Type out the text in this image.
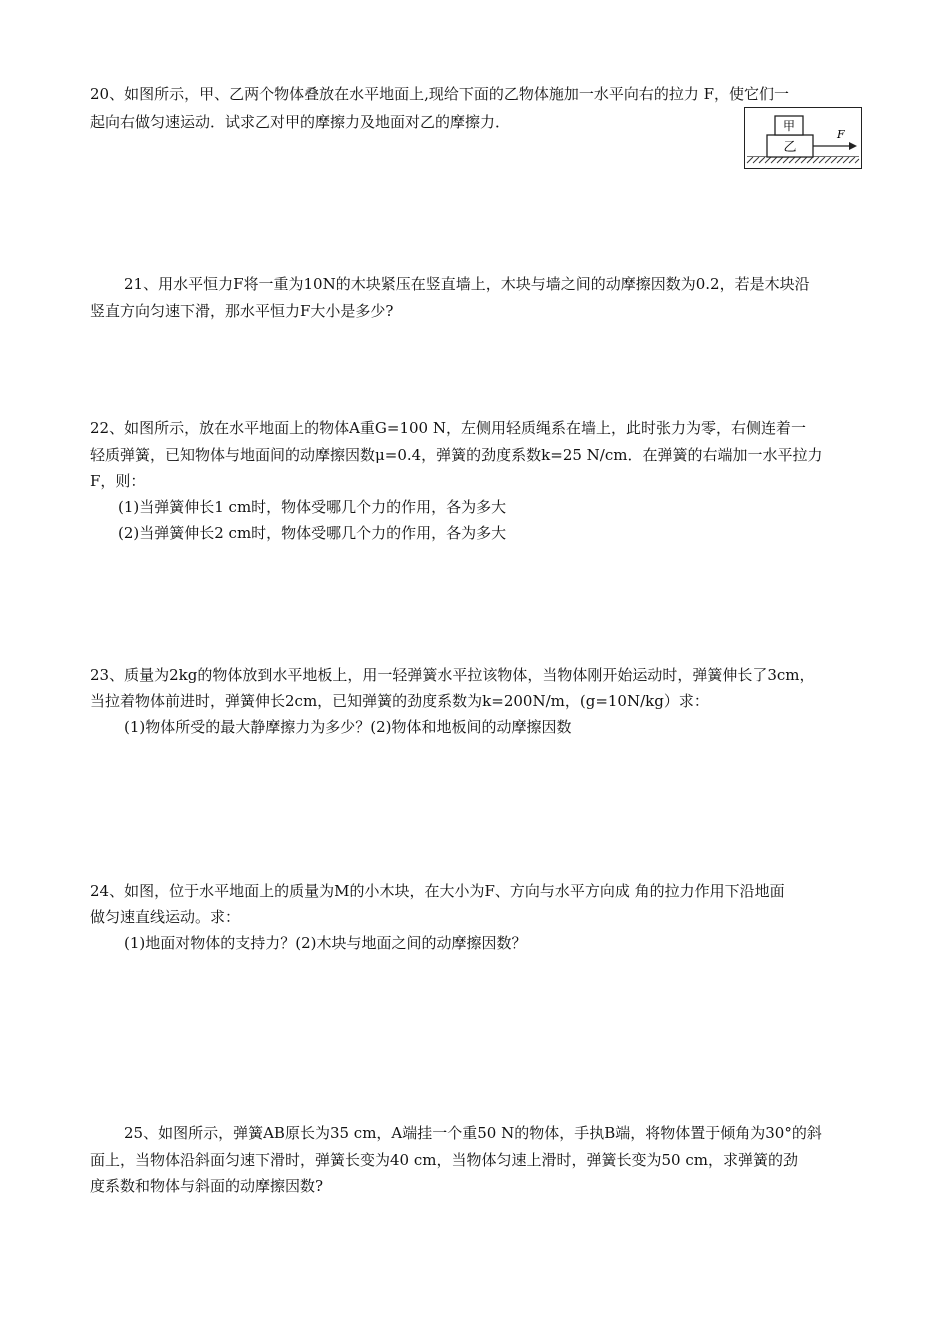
20、如图所示，甲、乙两个物体叠放在水平地面上,现给下面的乙物体施加一水平向右的拉力 F，使它们一
起向右做匀速运动．试求乙对甲的摩擦力及地面对乙的摩擦力．
乙
甲
F
21、用水平恒力F将一重为10N的木块紧压在竖直墙上，木块与墙之间的动摩擦因数为0.2，若是木块沿
竖直方向匀速下滑，那水平恒力F大小是多少?
22、如图所示，放在水平地面上的物体A重G=100 N，左侧用轻质绳系在墙上，此时张力为零，右侧连着一
轻质弹簧，已知物体与地面间的动摩擦因数μ=0.4，弹簧的劲度系数k=25 N/cm．在弹簧的右端加一水平拉力
F，则：
(1)当弹簧伸长1 cm时，物体受哪几个力的作用，各为多大
(2)当弹簧伸长2 cm时，物体受哪几个力的作用，各为多大
23、质量为2kg的物体放到水平地板上，用一轻弹簧水平拉该物体，当物体刚开始运动时，弹簧伸长了3cm，
当拉着物体前进时，弹簧伸长2cm，已知弹簧的劲度系数为k=200N/m，(g=10N/kg）求：
(1)物体所受的最大静摩擦力为多少？(2)物体和地板间的动摩擦因数
24、如图，位于水平地面上的质量为M的小木块，在大小为F、方向与水平方向成 角的拉力作用下沿地面
做匀速直线运动。求：
(1)地面对物体的支持力？(2)木块与地面之间的动摩擦因数？
25、如图所示，弹簧AB原长为35 cm，A端挂一个重50 N的物体，手执B端，将物体置于倾角为30°的斜
面上，当物体沿斜面匀速下滑时，弹簧长变为40 cm，当物体匀速上滑时，弹簧长变为50 cm，求弹簧的劲
度系数和物体与斜面的动摩擦因数?
